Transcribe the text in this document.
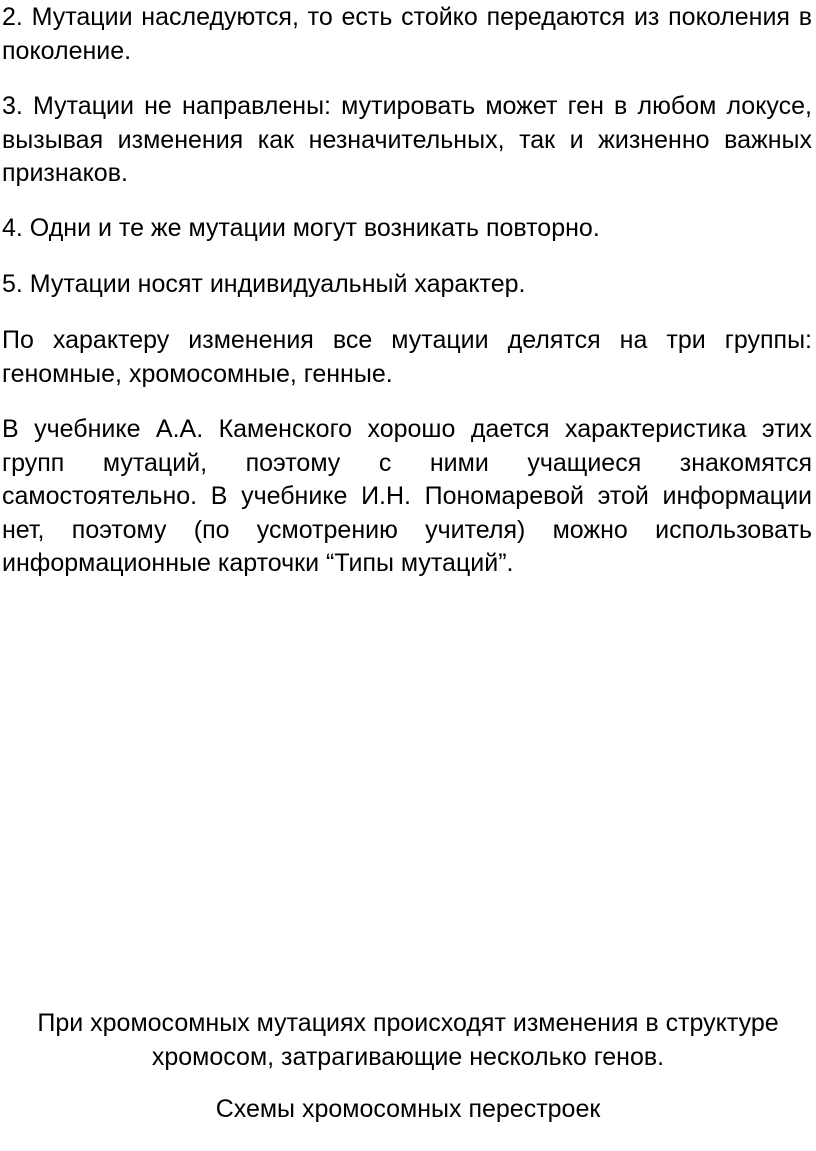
2. Мутации наследуются, то есть стойко передаются из поколения в поколение.

3. Мутации не направлены: мутировать может ген в любом локусе, вызывая изменения как незначительных, так и жизненно важных признаков.

4. Одни и те же мутации могут возникать повторно.

5. Мутации носят индивидуальный характер.

По характеру изменения все мутации делятся на три группы: геномные, хромосомные, генные.

В учебнике А.А. Каменского хорошо дается характеристика этих групп мутаций, поэтому с ними учащиеся знакомятся самостоятельно. В учебнике И.Н. Пономаревой этой информации нет, поэтому (по усмотрению учителя) можно использовать информационные карточки “Типы мутаций”.

При хромосомных мутациях происходят изменения в структуре хромосом, затрагивающие несколько генов.

Схемы хромосомных перестроек
